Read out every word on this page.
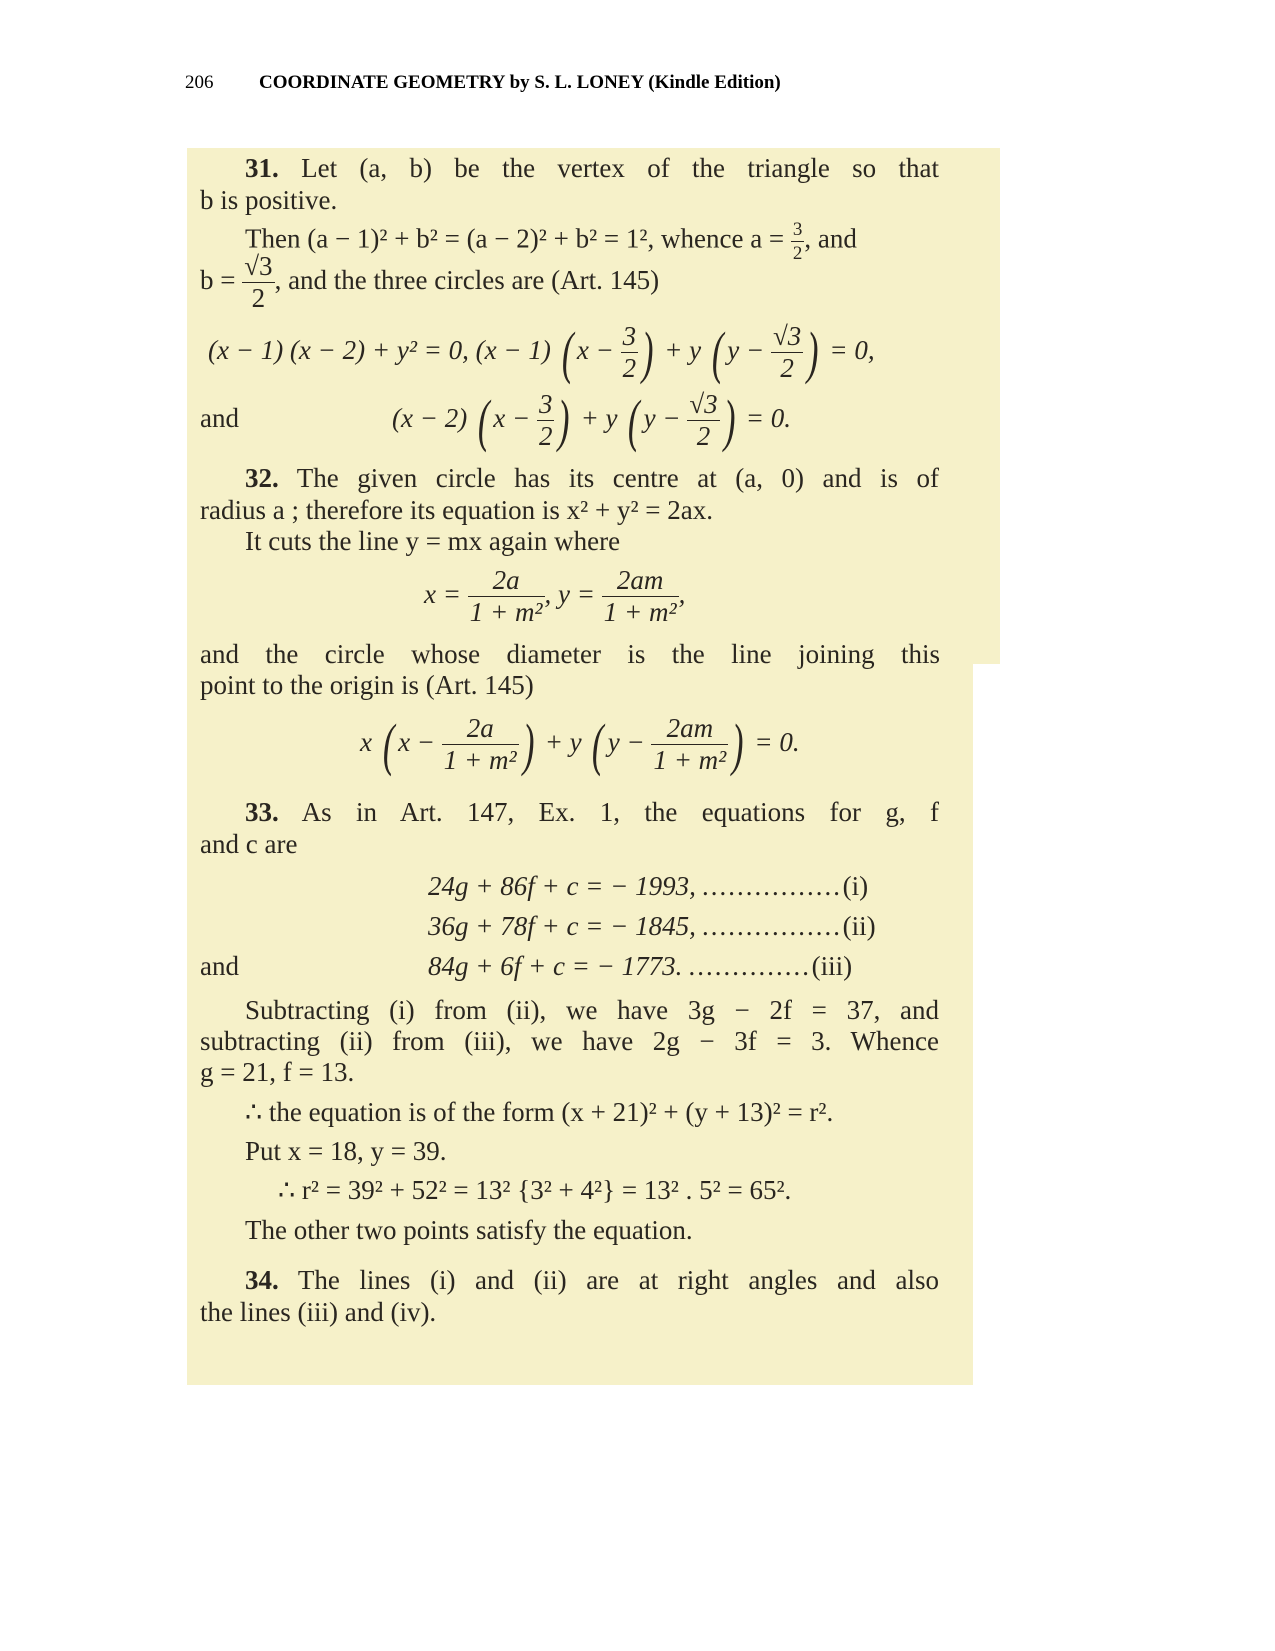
206 COORDINATE GEOMETRY by S. L. LONEY (Kindle Edition)
31. Let (a, b) be the vertex of the triangle so that
b is positive.
Then (a − 1)² + b² = (a − 2)² + b² = 1², whence $a = \frac{3}{2}$ , and
$b = \frac{√3}{2}$ , and the three circles are (Art. 145)
(x − 1) (x − 2) + y² = 0, (x − 1) ( $x - \frac{3}{2}$ ) + y ( $y - \frac{√3}{2}$ ) = 0,
and	(x − 2) ( $x - \frac{3}{2}$ ) + y ( $y - \frac{√3}{2}$ ) = 0.
32. The given circle has its centre at (a, 0) and is of
radius a ; therefore its equation is x² + y² = 2ax.
It cuts the line y = mx again where
$x = \frac{2a}{\text{1 + m²}}$ , $y = \frac{2am}{\text{1 + m²}}$ ,
and the circle whose diameter is the line joining this
point to the origin is (Art. 145)
x ( $x - \frac{2a}{\text{1 + m²}}$ ) + y ( $y - \frac{2am}{\text{1 + m²}}$ ) = 0.
33. As in Art. 147, Ex. 1, the equations for g, f
and c are
24g + 86f + c = − 1993, ................(i)
36g + 78f + c = − 1845, ................(ii)
and	84g + 6f + c = − 1773. ..............(iii)
Subtracting (i) from (ii), we have 3g − 2f = 37, and
subtracting (ii) from (iii), we have 2g − 3f = 3. Whence
g = 21, f = 13.
∴ the equation is of the form (x + 21)² + (y + 13)² = r².
Put x = 18, y = 39.
∴ r² = 39² + 52² = 13² {3² + 4²} = 13² . 5² = 65².
The other two points satisfy the equation.
34. The lines (i) and (ii) are at right angles and also
the lines (iii) and (iv).
